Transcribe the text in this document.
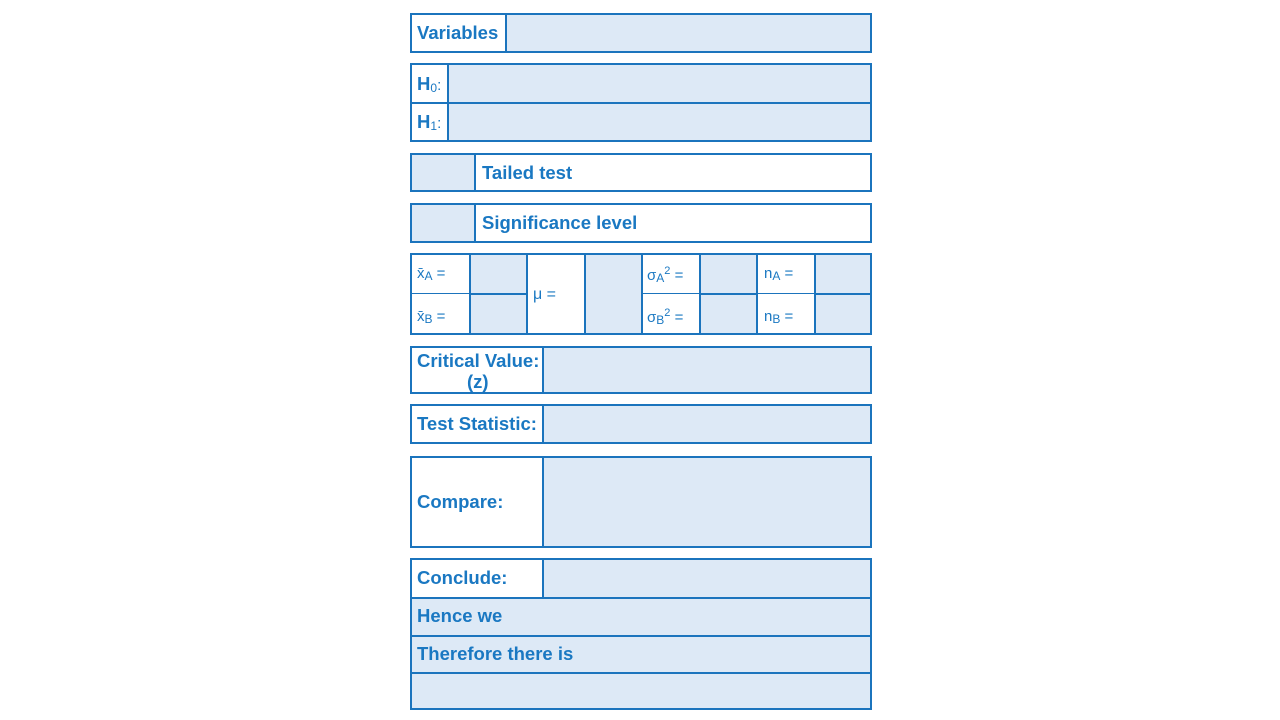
Variables
$H_0$:
$H_1$:
Tailed test
Significance level
$x̄_A$ =
$x̄_B$ =
μ =
$\sigma_A^2$ =
$\sigma_B^2$ =
$n_A$ =
$n_B$ =
Critical Value:
(z)
Test Statistic:
Compare:
Conclude:
Hence we
Therefore there is
